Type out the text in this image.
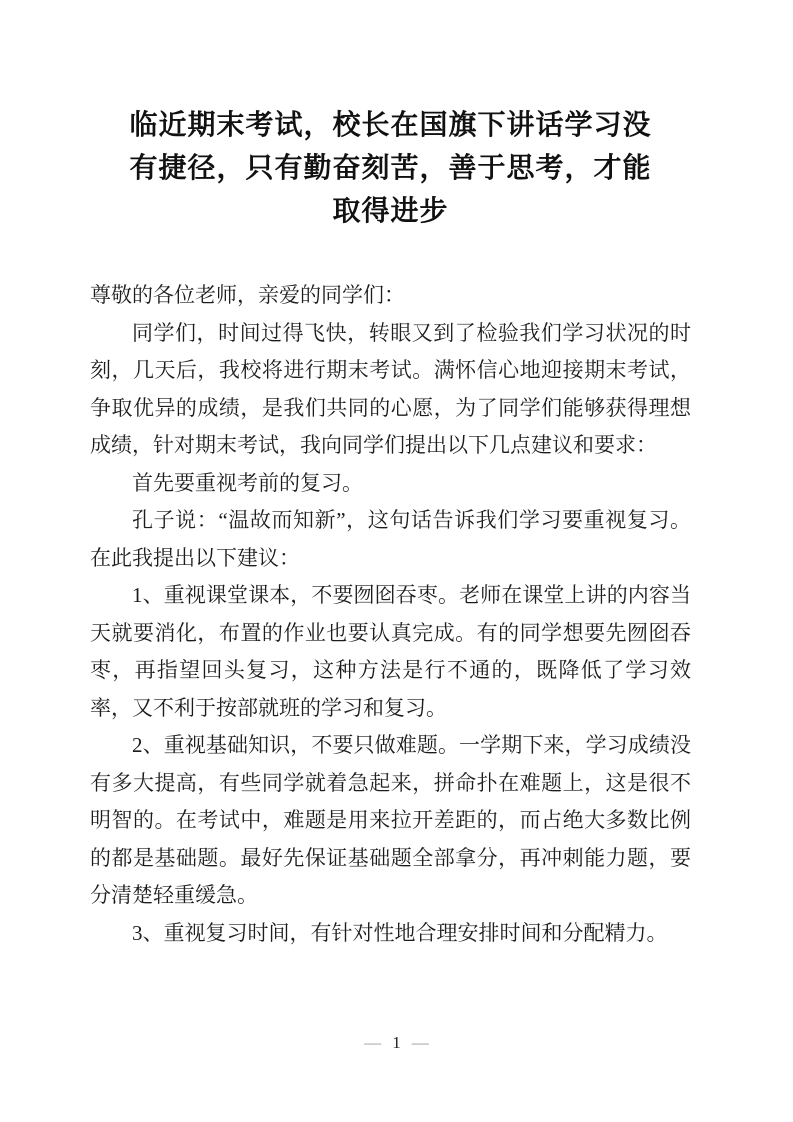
临近期末考试，校长在国旗下讲话学习没
有捷径，只有勤奋刻苦，善于思考，才能
取得进步

尊敬的各位老师，亲爱的同学们：

同学们，时间过得飞快，转眼又到了检验我们学习状况的时刻，几天后，我校将进行期末考试。满怀信心地迎接期末考试，争取优异的成绩，是我们共同的心愿，为了同学们能够获得理想成绩，针对期末考试，我向同学们提出以下几点建议和要求：

首先要重视考前的复习。

孔子说：“温故而知新”，这句话告诉我们学习要重视复习。在此我提出以下建议：

1、重视课堂课本，不要囫囵吞枣。老师在课堂上讲的内容当天就要消化，布置的作业也要认真完成。有的同学想要先囫囵吞枣，再指望回头复习，这种方法是行不通的，既降低了学习效率，又不利于按部就班的学习和复习。

2、重视基础知识，不要只做难题。一学期下来，学习成绩没有多大提高，有些同学就着急起来，拼命扑在难题上，这是很不明智的。在考试中，难题是用来拉开差距的，而占绝大多数比例的都是基础题。最好先保证基础题全部拿分，再冲刺能力题，要分清楚轻重缓急。

3、重视复习时间，有针对性地合理安排时间和分配精力。

— 1 —
